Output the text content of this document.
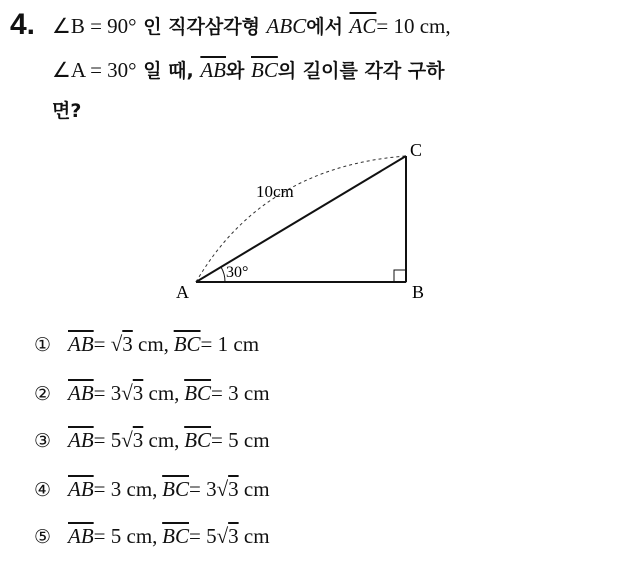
4. ∠B = 90° 인 직각삼각형 ABC에서 $\overline{AC}= 10$ cm,
∠A = 30° 일 때, $\overline{AB}$와 $\overline{BC}$의 길이를 각각 구하
면?
A	B
C
10cm
30°
① $\overline{AB}= √3$ cm, $\overline{BC}= 1$ cm
② $\overline{AB}= 3√3$ cm, $\overline{BC}= 3$ cm
③ $\overline{AB}= 5√3$ cm, $\overline{BC}= 5$ cm
④ $\overline{AB}= 3$ cm, $\overline{BC}= 3√3$ cm
⑤ $\overline{AB}= 5$ cm, $\overline{BC}= 5√3$ cm
